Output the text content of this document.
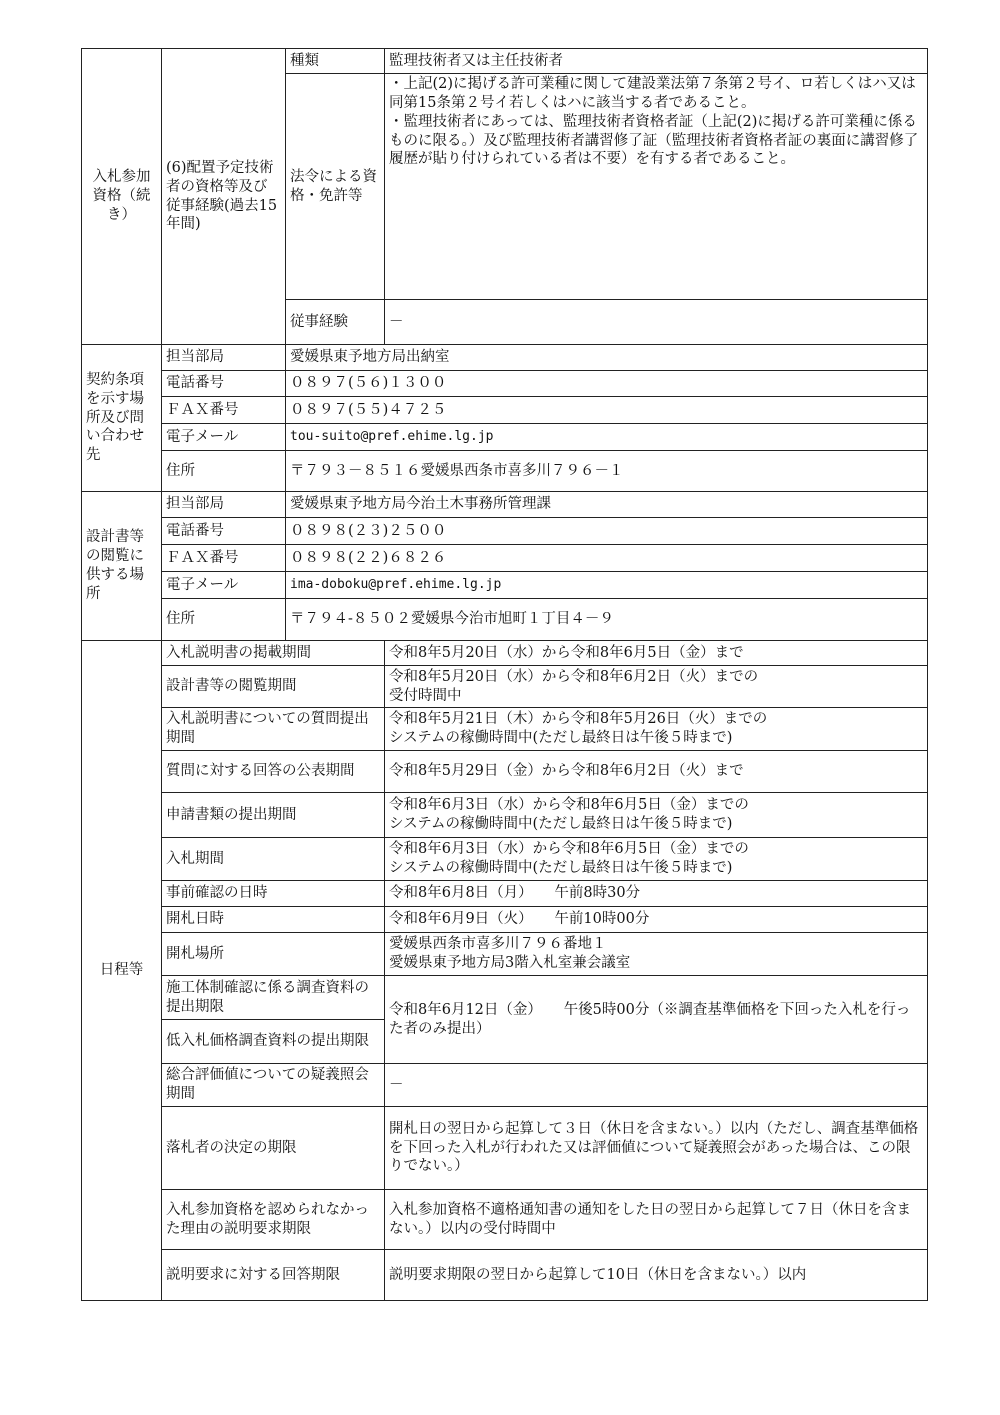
入札参加資格（続き）	(6)配置予定技術者の資格等及び従事経験(過去15年間)	種類	監理技術者又は主任技術者
		法令による資格・免許等	・上記(2)に掲げる許可業種に関して建設業法第７条第２号イ、ロ若しくはハ又は同第15条第２号イ若しくはハに該当する者であること。
・監理技術者にあっては、監理技術者資格者証（上記(2)に掲げる許可業種に係るものに限る。）及び監理技術者講習修了証（監理技術者資格者証の裏面に講習修了履歴が貼り付けられている者は不要）を有する者であること。
		従事経験	－
契約条項を示す場所及び問い合わせ先	担当部局	愛媛県東予地方局出納室	
	電話番号	０８９７(５６)１３００	
	ＦＡＸ番号	０８９７(５５)４７２５	
	電子メール	tou-suito@pref.ehime.lg.jp	
	住所	〒７９３－８５１６愛媛県西条市喜多川７９６－１	
設計書等の閲覧に供する場所	担当部局	愛媛県東予地方局今治土木事務所管理課	
	電話番号	０８９８(２３)２５００	
	ＦＡＸ番号	０８９８(２２)６８２６	
	電子メール	ima-doboku@pref.ehime.lg.jp	
	住所	〒７９４-８５０２愛媛県今治市旭町１丁目４－９	
日程等	入札説明書の掲載期間		令和8年5月20日（水）から令和8年6月5日（金）まで
	設計書等の閲覧期間		令和8年5月20日（水）から令和8年6月2日（火）までの
受付時間中
	入札説明書についての質問提出期間		令和8年5月21日（木）から令和8年5月26日（火）までの
システムの稼働時間中(ただし最終日は午後５時まで)
	質問に対する回答の公表期間		令和8年5月29日（金）から令和8年6月2日（火）まで
	申請書類の提出期間		令和8年6月3日（水）から令和8年6月5日（金）までの
システムの稼働時間中(ただし最終日は午後５時まで)
	入札期間		令和8年6月3日（水）から令和8年6月5日（金）までの
システムの稼働時間中(ただし最終日は午後５時まで)
	事前確認の日時		令和8年6月8日（月）　　午前8時30分
	開札日時		令和8年6月9日（火）　　午前10時00分
	開札場所		愛媛県西条市喜多川７９６番地１
愛媛県東予地方局3階入札室兼会議室
	施工体制確認に係る調査資料の提出期限		令和8年6月12日（金）　　午後5時00分（※調査基準価格を下回った入札を行った者のみ提出）
	低入札価格調査資料の提出期限		
	総合評価値についての疑義照会期間		－
	落札者の決定の期限		開札日の翌日から起算して３日（休日を含まない。）以内（ただし、調査基準価格を下回った入札が行われた又は評価値について疑義照会があった場合は、この限りでない。）
	入札参加資格を認められなかった理由の説明要求期限		入札参加資格不適格通知書の通知をした日の翌日から起算して７日（休日を含まない。）以内の受付時間中
	説明要求に対する回答期限		説明要求期限の翌日から起算して10日（休日を含まない。）以内
